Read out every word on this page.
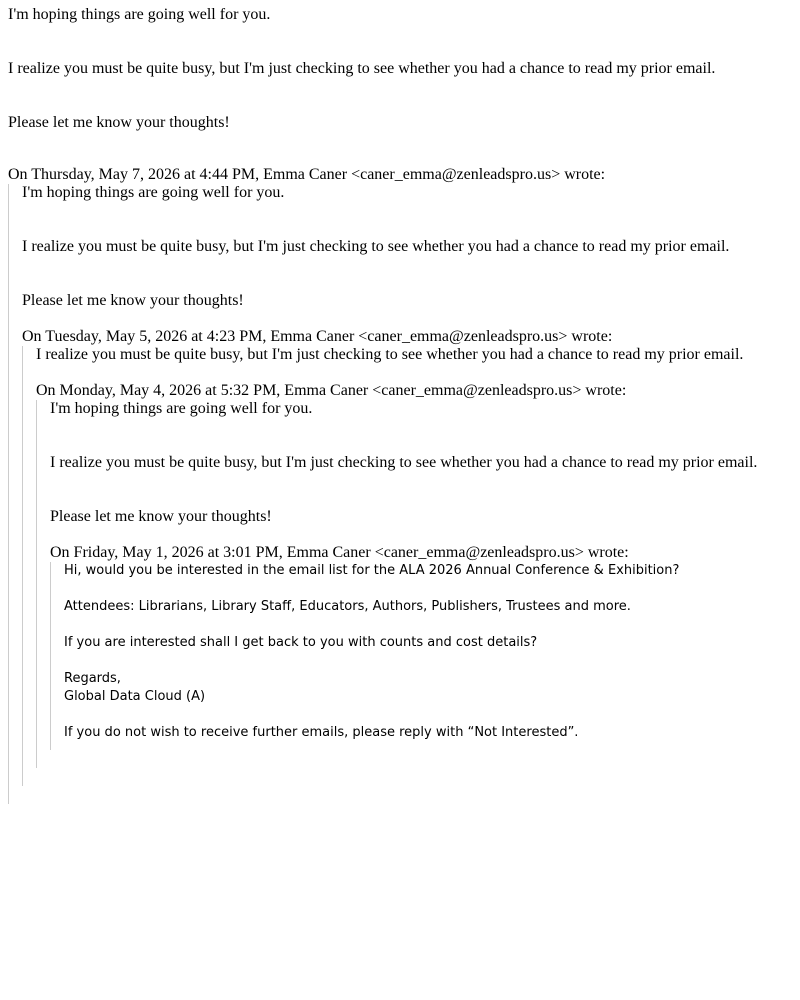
I'm hoping things are going well for you.

I realize you must be quite busy, but I'm just checking to see whether you had a chance to read my prior email.

Please let me know your thoughts!

On Thursday, May 7, 2026 at 4:44 PM, Emma Caner <caner_emma@zenleadspro.us> wrote:

I'm hoping things are going well for you.

I realize you must be quite busy, but I'm just checking to see whether you had a chance to read my prior email.

Please let me know your thoughts!

On Tuesday, May 5, 2026 at 4:23 PM, Emma Caner <caner_emma@zenleadspro.us> wrote:

I realize you must be quite busy, but I'm just checking to see whether you had a chance to read my prior email.

On Monday, May 4, 2026 at 5:32 PM, Emma Caner <caner_emma@zenleadspro.us> wrote:

I'm hoping things are going well for you.

I realize you must be quite busy, but I'm just checking to see whether you had a chance to read my prior email.

Please let me know your thoughts!

On Friday, May 1, 2026 at 3:01 PM, Emma Caner <caner_emma@zenleadspro.us> wrote:

Hi, would you be interested in the email list for the ALA 2026 Annual Conference & Exhibition?

Attendees: Librarians, Library Staff, Educators, Authors, Publishers, Trustees and more.

If you are interested shall I get back to you with counts and cost details?

Regards,

Global Data Cloud (A)

If you do not wish to receive further emails, please reply with “Not Interested”.
